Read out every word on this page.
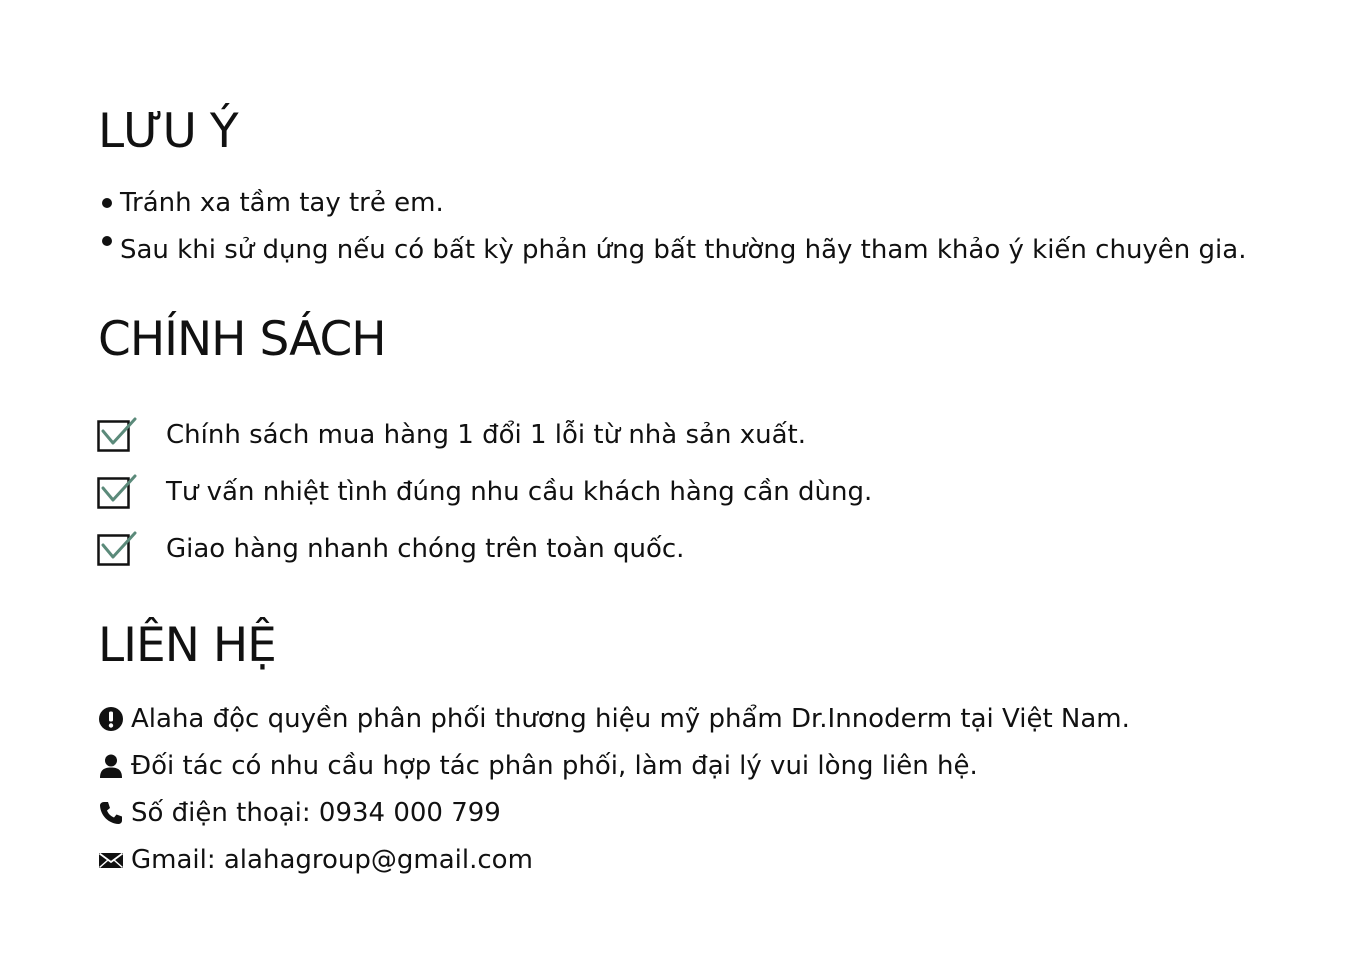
LƯU Ý
Tránh xa tầm tay trẻ em.
Sau khi sử dụng nếu có bất kỳ phản ứng bất thường hãy tham khảo ý kiến chuyên gia.
CHÍNH SÁCH
Chính sách mua hàng 1 đổi 1 lỗi từ nhà sản xuất.
Tư vấn nhiệt tình đúng nhu cầu khách hàng cần dùng.
Giao hàng nhanh chóng trên toàn quốc.
LIÊN HỆ
Alaha độc quyền phân phối thương hiệu mỹ phẩm Dr.Innoderm tại Việt Nam.
Đối tác có nhu cầu hợp tác phân phối, làm đại lý vui lòng liên hệ.
Số điện thoại: 0934 000 799
Gmail: alahagroup@gmail.com
